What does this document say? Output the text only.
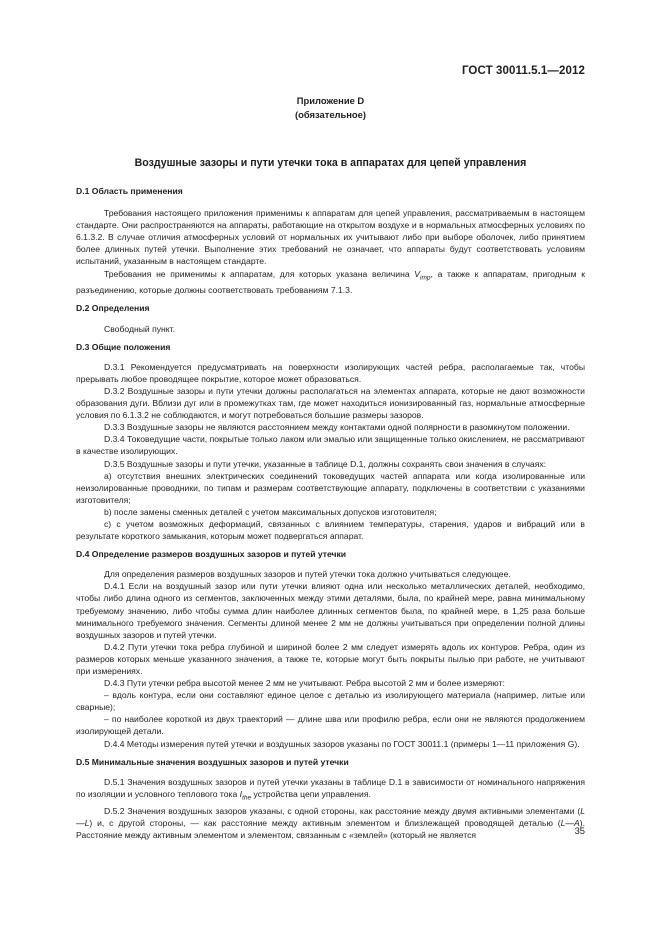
ГОСТ 30011.5.1—2012
Приложение D
(обязательное)
Воздушные зазоры и пути утечки тока в аппаратах для цепей управления
D.1 Область применения

Требования настоящего приложения применимы к аппаратам для цепей управления, рассматриваемым в настоящем стандарте. Они распространяются на аппараты, работающие на открытом воздухе и в нормальных атмосферных условиях по 6.1.3.2. В случае отличия атмосферных условий от нормальных их учитывают либо при выборе оболочек, либо принятием более длинных путей утечки. Выполнение этих требований не означает, что аппараты будут соответствовать условиям испытаний, указанным в настоящем стандарте.

Требования не применимы к аппаратам, для которых указана величина $V_{imp}$, а также к аппаратам, пригодным к разъединению, которые должны соответствовать требованиям 7.1.3.

D.2 Определения

Свободный пункт.

D.3 Общие положения

D.3.1 Рекомендуется предусматривать на поверхности изолирующих частей ребра, располагаемые так, чтобы прерывать любое проводящее покрытие, которое может образоваться.

D.3.2 Воздушные зазоры и пути утечки должны располагаться на элементах аппарата, которые не дают возможности образования дуги. Вблизи дуг или в промежутках там, где может находиться ионизированный газ, нормальные атмосферные условия по 6.1.3.2 не соблюдаются, и могут потребоваться большие размеры зазоров.

D.3.3 Воздушные зазоры не являются расстоянием между контактами одной полярности в разомкнутом положении.

D.3.4 Токоведущие части, покрытые только лаком или эмалью или защищенные только окислением, не рассматривают в качестве изолирующих.

D.3.5 Воздушные зазоры и пути утечки, указанные в таблице D.1, должны сохранять свои значения в случаях:

а) отсутствия внешних электрических соединений токоведущих частей аппарата или когда изолированные или неизолированные проводники, по типам и размерам соответствующие аппарату, подключены в соответствии с указаниями изготовителя;

b) после замены сменных деталей с учетом максимальных допусков изготовителя;

с) с учетом возможных деформаций, связанных с влиянием температуры, старения, ударов и вибраций или в результате короткого замыкания, которым может подвергаться аппарат.

D.4 Определение размеров воздушных зазоров и путей утечки

Для определения размеров воздушных зазоров и путей утечки тока должно учитываться следующее.

D.4.1 Если на воздушный зазор или пути утечки влияют одна или несколько металлических деталей, необходимо, чтобы либо длина одного из сегментов, заключенных между этими деталями, была, по крайней мере, равна минимальному требуемому значению, либо чтобы сумма длин наиболее длинных сегментов была, по крайней мере, в 1,25 раза больше минимального требуемого значения. Сегменты длиной менее 2 мм не должны учитываться при определении полной длины воздушных зазоров и путей утечки.

D.4.2 Пути утечки тока ребра глубиной и шириной более 2 мм следует измерять вдоль их контуров. Ребра, один из размеров которых меньше указанного значения, а также те, которые могут быть покрыты пылью при работе, не учитывают при измерениях.

D.4.3 Пути утечки ребра высотой менее 2 мм не учитывают. Ребра высотой 2 мм и более измеряют:

– вдоль контура, если они составляют единое целое с деталью из изолирующего материала (например, литые или сварные);

– по наиболее короткой из двух траекторий — длине шва или профилю ребра, если они не являются продолжением изолирующей детали.

D.4.4 Методы измерения путей утечки и воздушных зазоров указаны по ГОСТ 30011.1 (примеры 1—11 приложения G).

D.5 Минимальные значения воздушных зазоров и путей утечки

D.5.1 Значения воздушных зазоров и путей утечки указаны в таблице D.1 в зависимости от номинального напряжения по изоляции и условного теплового тока $I_{the}$ устройства цепи управления.

D.5.2 Значения воздушных зазоров указаны, с одной стороны, как расстояние между двумя активными элементами (L—L) и, с другой стороны, — как расстояние между активным элементом и близлежащей проводящей деталью (L—A). Расстояние между активным элементом и элементом, связанным с «землей» (который не является	35
